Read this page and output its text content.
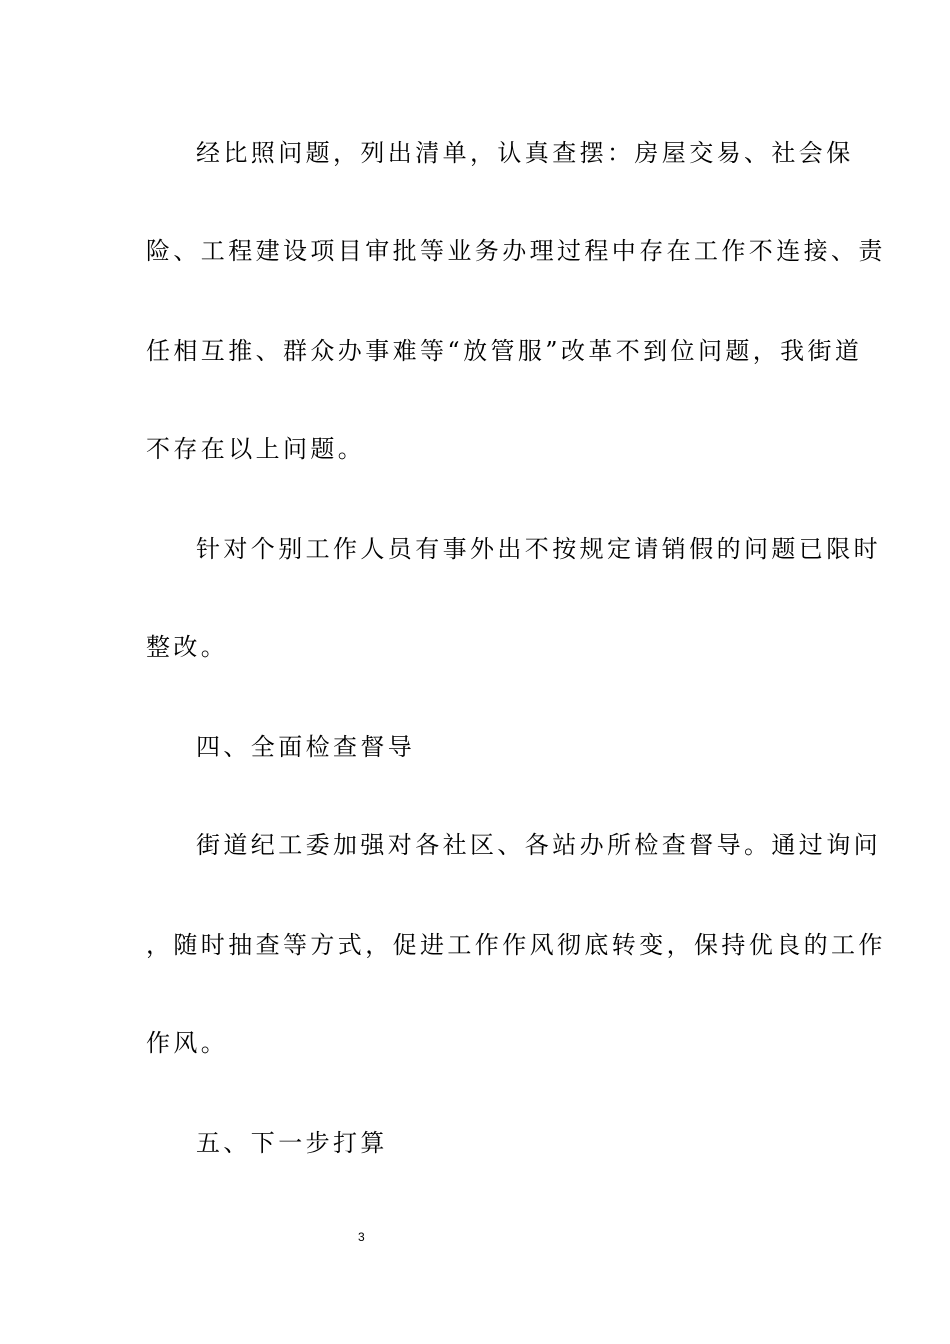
经比照问题，列出清单，认真查摆：房屋交易、社会保

险、工程建设项目审批等业务办理过程中存在工作不连接、责

任相互推、群众办事难等“放管服”改革不到位问题，我街道

不存在以上问题。

针对个别工作人员有事外出不按规定请销假的问题已限时

整改。

四、全面检查督导

街道纪工委加强对各社区、各站办所检查督导。通过询问

，随时抽查等方式，促进工作作风彻底转变，保持优良的工作

作风。

五、下一步打算

3
